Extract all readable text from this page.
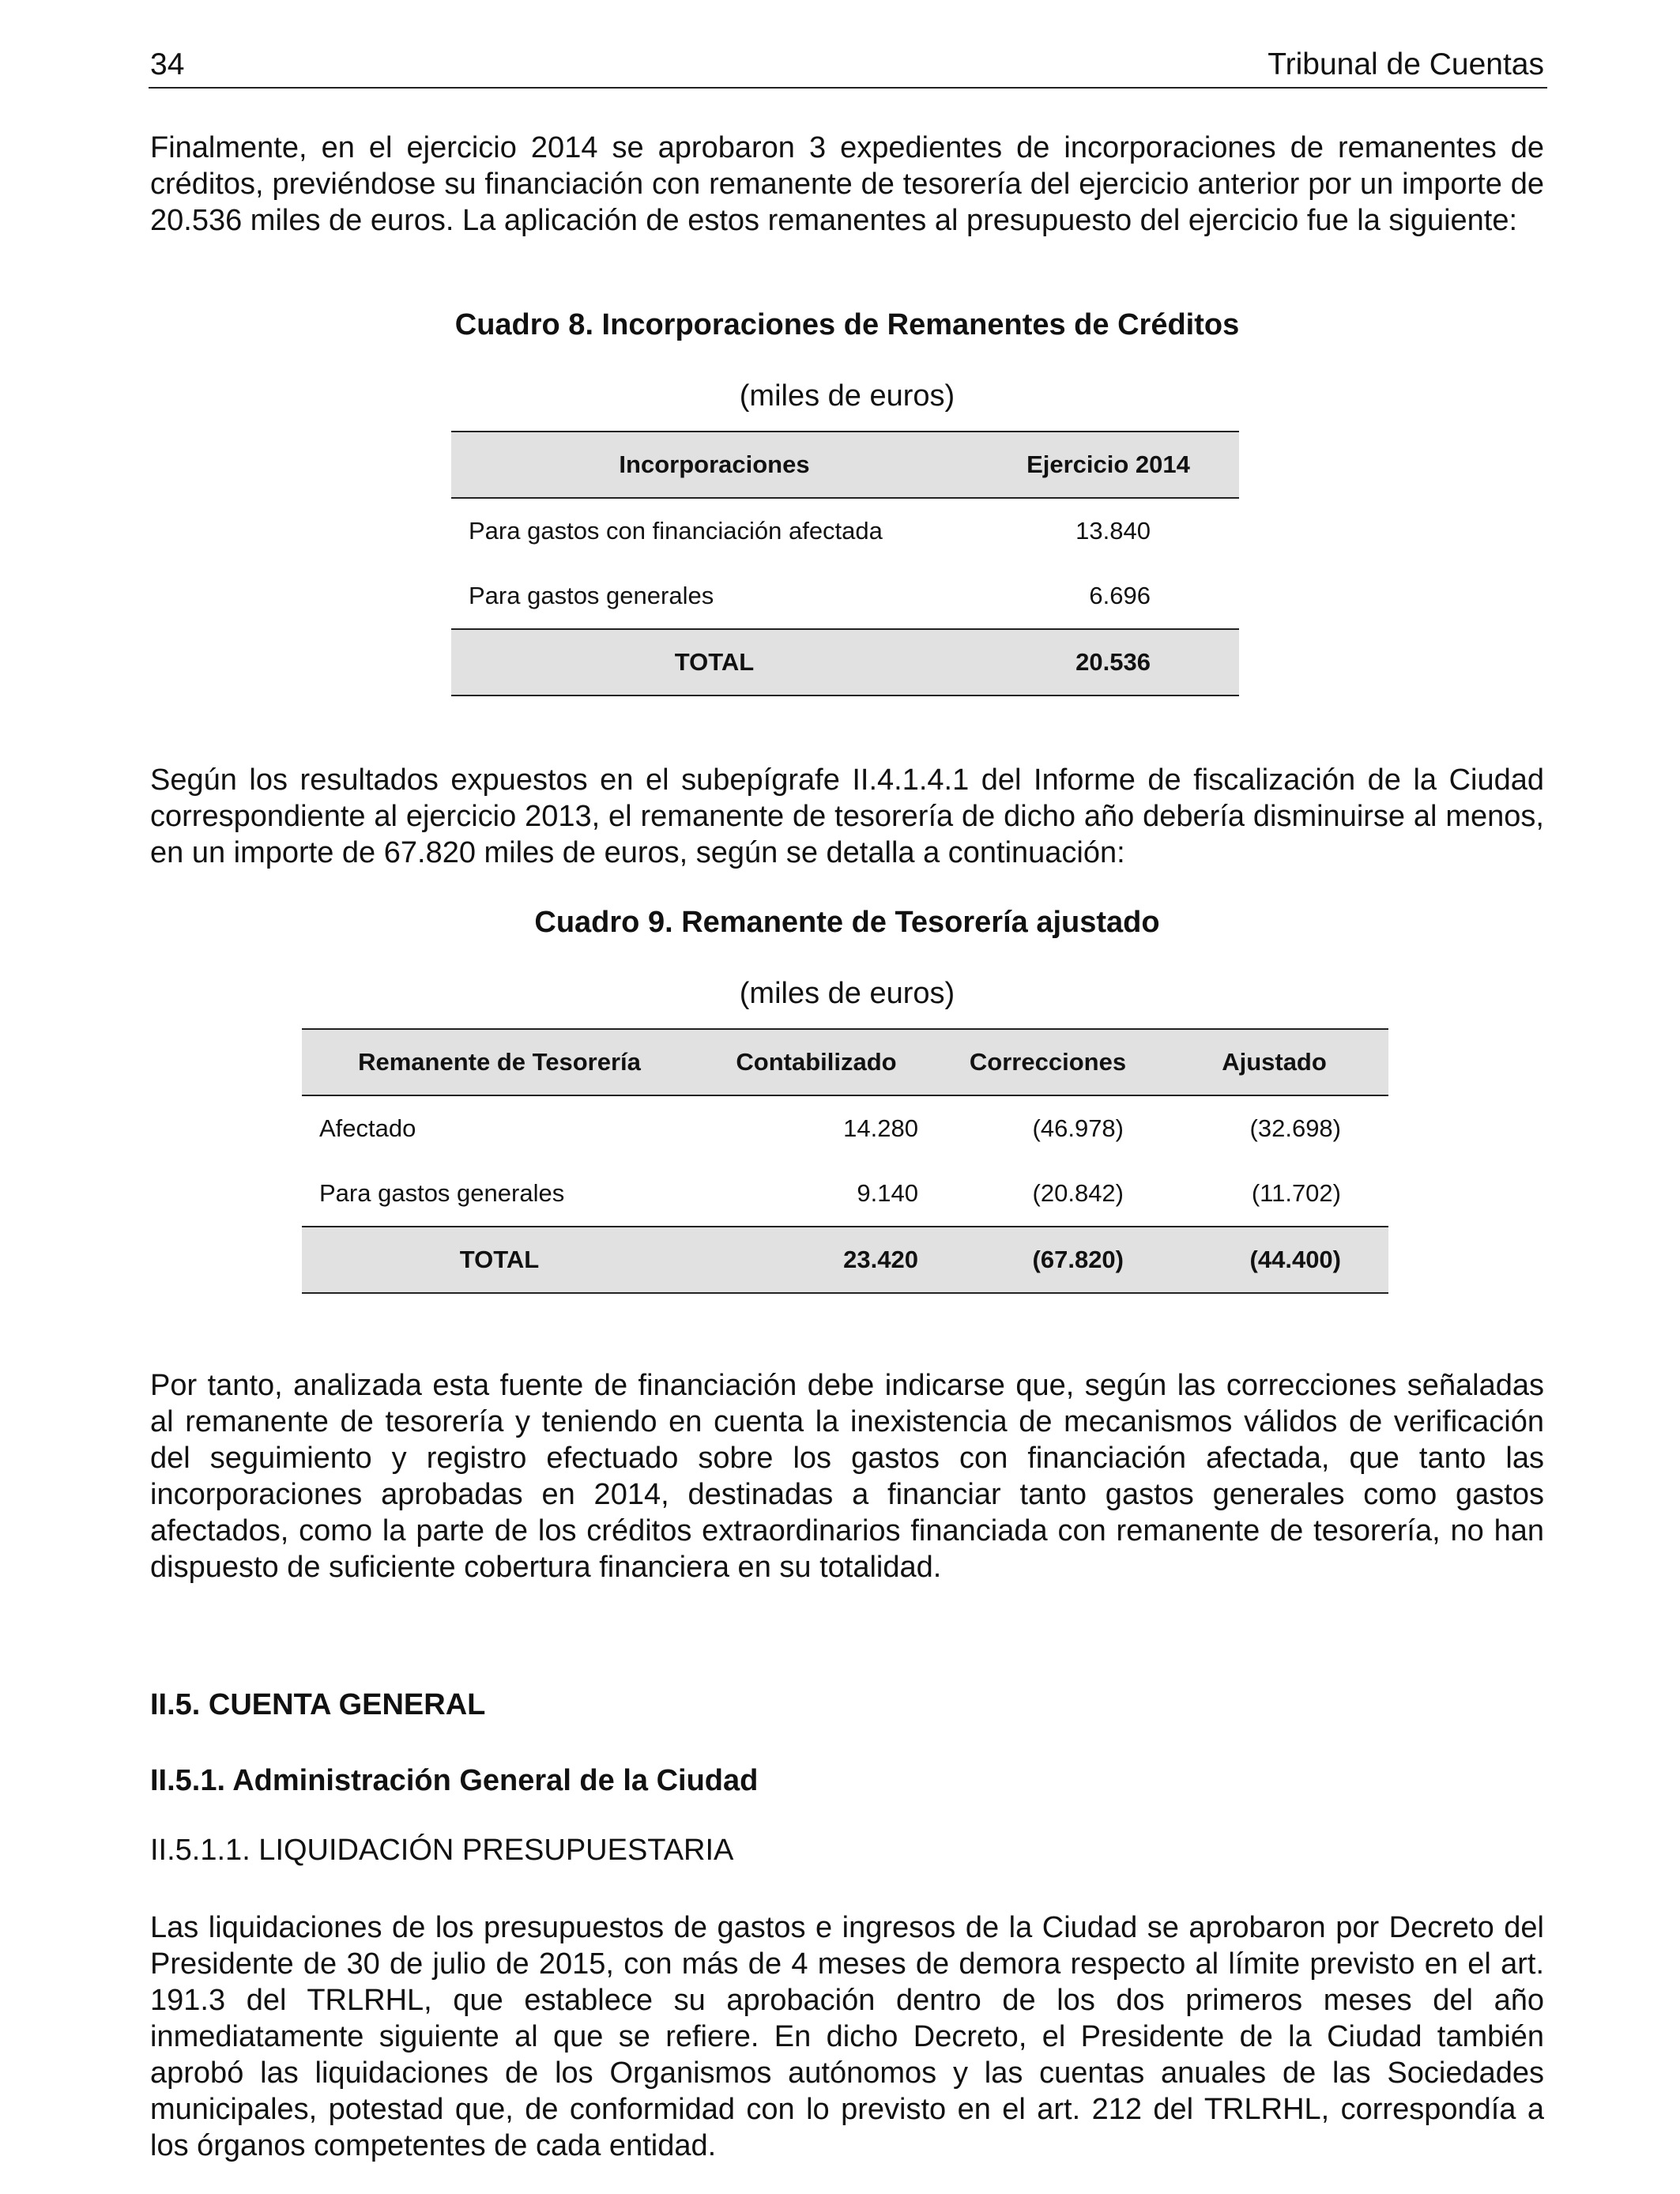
34	Tribunal de Cuentas

Finalmente, en el ejercicio 2014 se aprobaron 3 expedientes de incorporaciones de remanentes de créditos, previéndose su financiación con remanente de tesorería del ejercicio anterior por un importe de 20.536 miles de euros. La aplicación de estos remanentes al presupuesto del ejercicio fue la siguiente:

Cuadro 8. Incorporaciones de Remanentes de Créditos
(miles de euros)
Incorporaciones	Ejercicio 2014
Para gastos con financiación afectada	13.840
Para gastos generales	6.696
TOTAL	20.536

Según los resultados expuestos en el subepígrafe II.4.1.4.1 del Informe de fiscalización de la Ciudad correspondiente al ejercicio 2013, el remanente de tesorería de dicho año debería disminuirse al menos, en un importe de 67.820 miles de euros, según se detalla a continuación:

Cuadro 9. Remanente de Tesorería ajustado
(miles de euros)
Remanente de Tesorería	Contabilizado	Correcciones	Ajustado
Afectado	14.280	(46.978)	(32.698)
Para gastos generales	9.140	(20.842)	(11.702)
TOTAL	23.420	(67.820)	(44.400)

Por tanto, analizada esta fuente de financiación debe indicarse que, según las correcciones señaladas al remanente de tesorería y teniendo en cuenta la inexistencia de mecanismos válidos de verificación del seguimiento y registro efectuado sobre los gastos con financiación afectada, que tanto las incorporaciones aprobadas en 2014, destinadas a financiar tanto gastos generales como gastos afectados, como la parte de los créditos extraordinarios financiada con remanente de tesorería, no han dispuesto de suficiente cobertura financiera en su totalidad.

II.5. CUENTA GENERAL
II.5.1. Administración General de la Ciudad
II.5.1.1. LIQUIDACIÓN PRESUPUESTARIA

Las liquidaciones de los presupuestos de gastos e ingresos de la Ciudad se aprobaron por Decreto del Presidente de 30 de julio de 2015, con más de 4 meses de demora respecto al límite previsto en el art. 191.3 del TRLRHL, que establece su aprobación dentro de los dos primeros meses del año inmediatamente siguiente al que se refiere. En dicho Decreto, el Presidente de la Ciudad también aprobó las liquidaciones de los Organismos autónomos y las cuentas anuales de las Sociedades municipales, potestad que, de conformidad con lo previsto en el art. 212 del TRLRHL, correspondía a los órganos competentes de cada entidad.
